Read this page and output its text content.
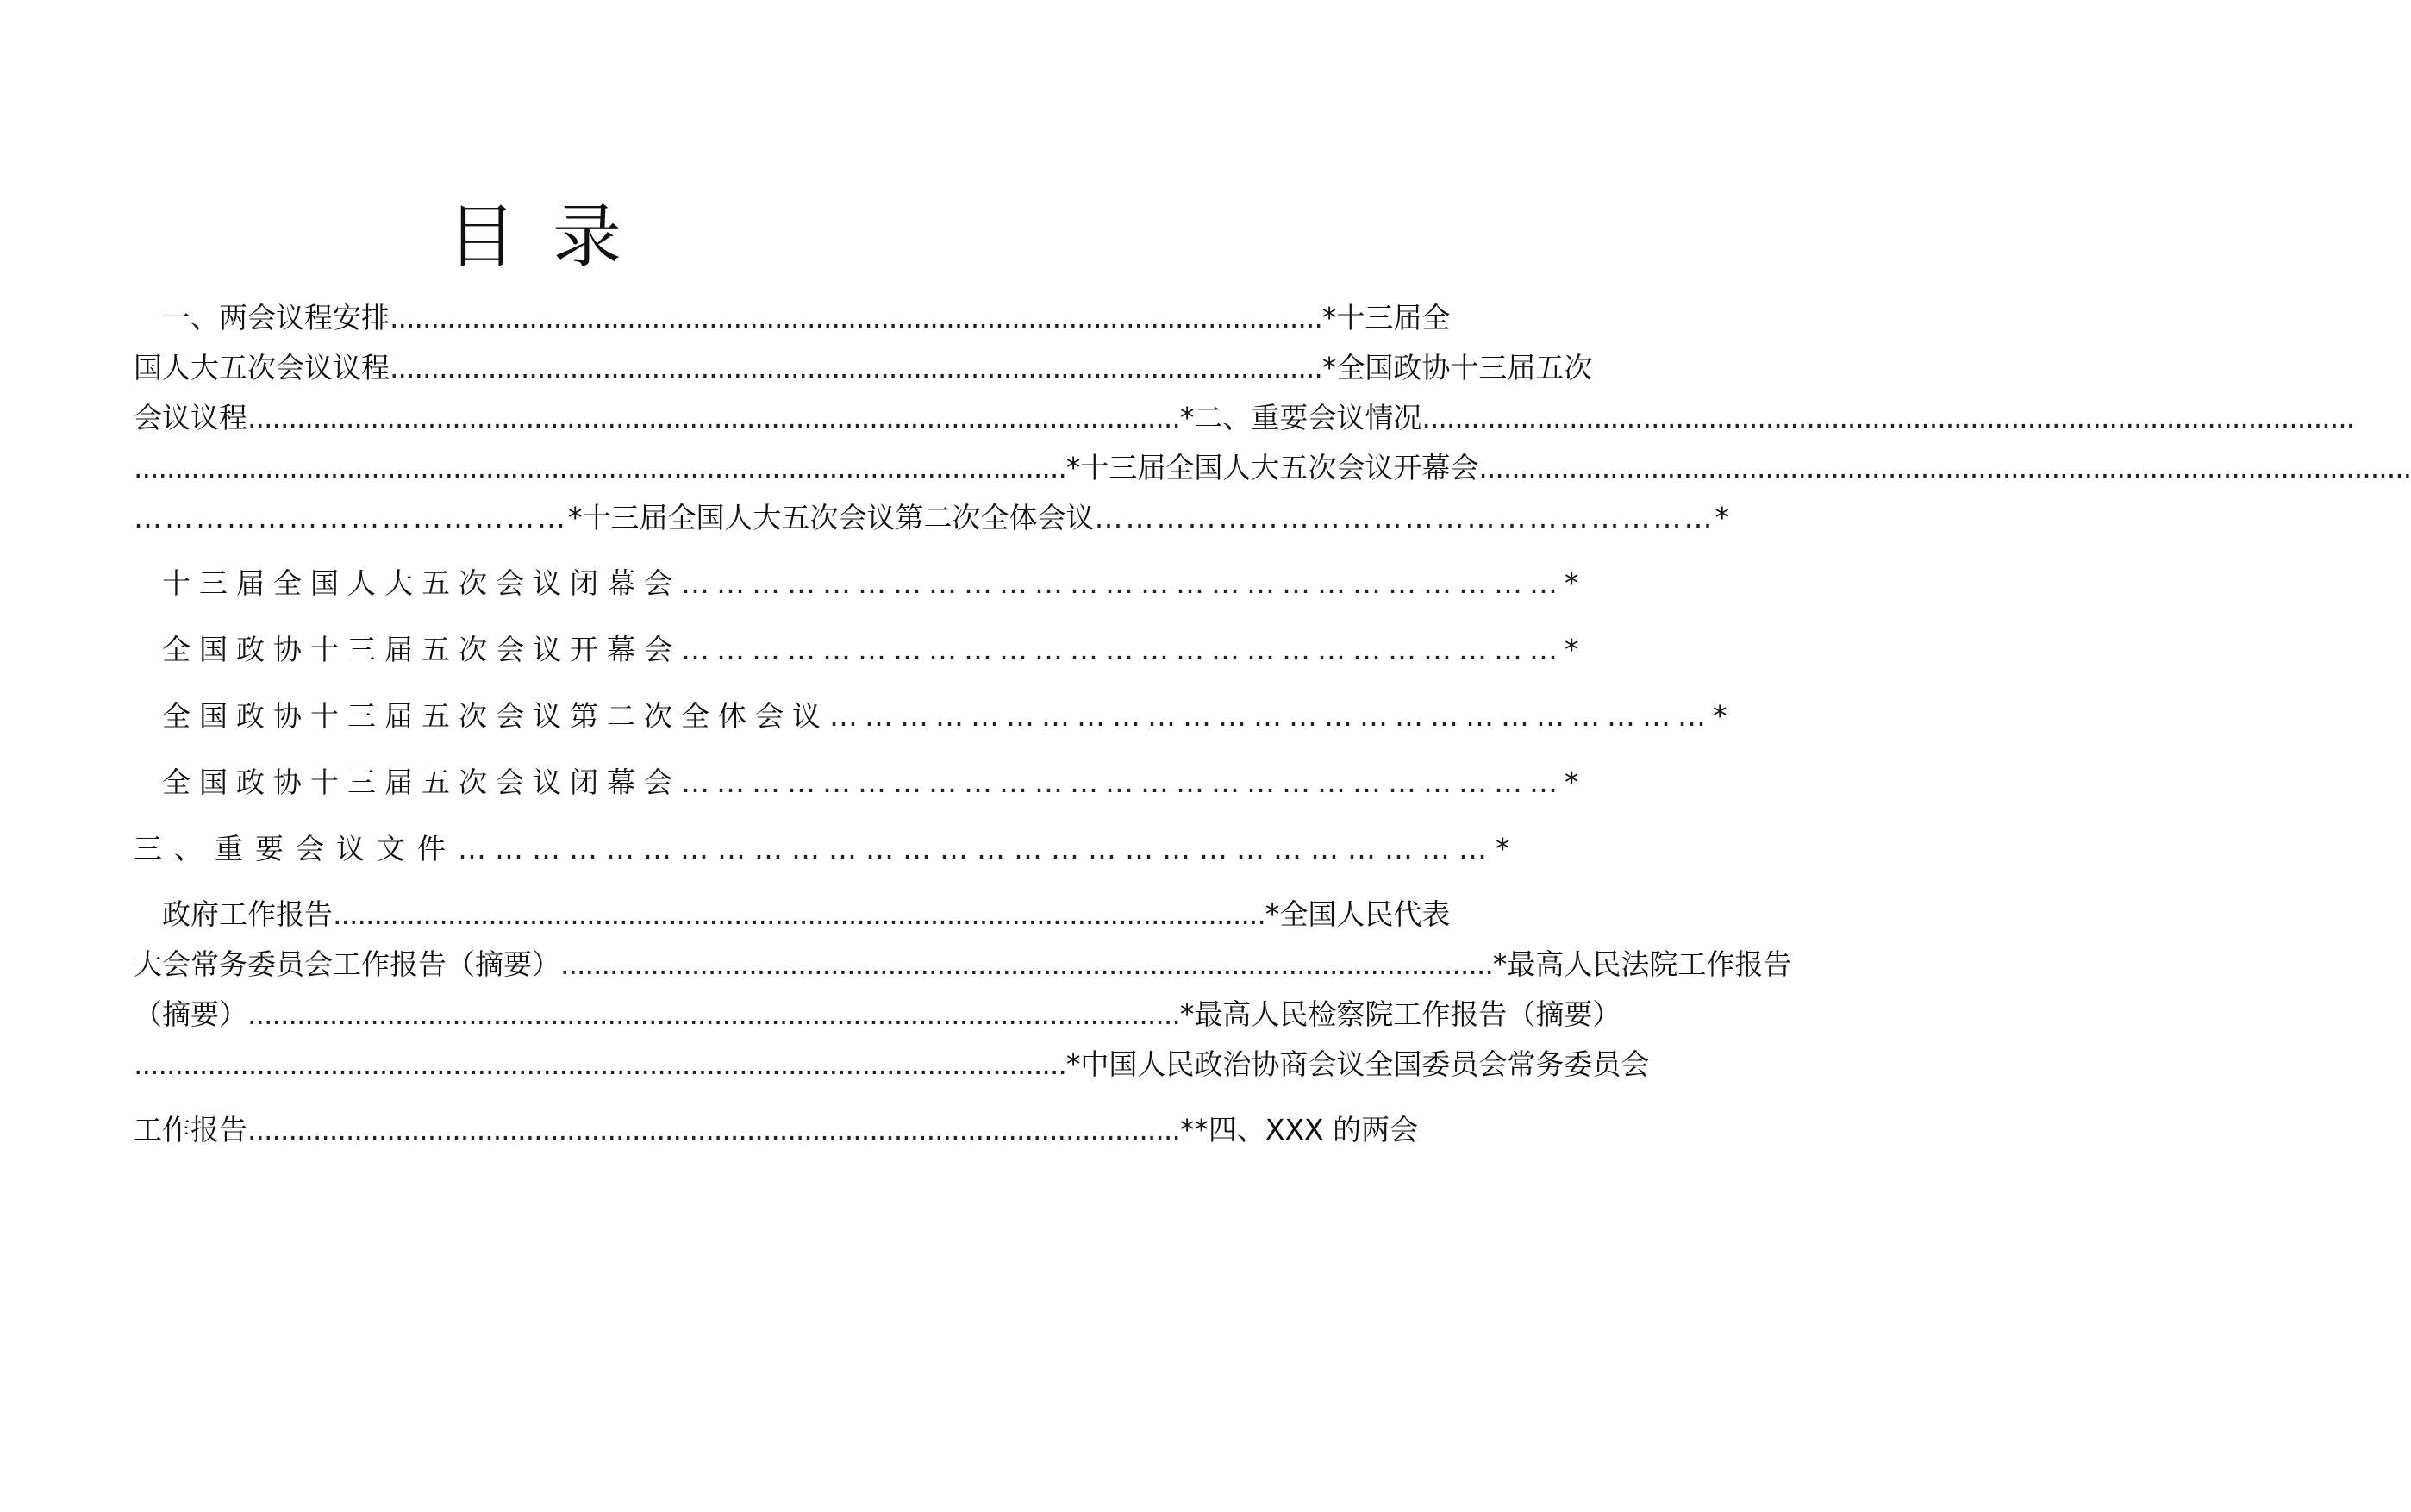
目录
一、两会议程安排 .................................................................................................................. *十三届全
国人大五次会议议程 .................................................................................................................. *全国政协十三届五次
会议议程 .................................................................................................................. *二、重要会议情况 ..................................................................................................................
.................................................................................................................. *十三届全国人大五次会议开幕会 ..................................................................................................................
…………………………………… *十三届全国人大五次会议第二次全体会议 …………………………………………………… *
十三届全国人大五次会议闭幕会 ………………………………………………………………… *
全国政协十三届五次会议开幕会 ………………………………………………………………… *
全国政协十三届五次会议第二次全体会议 ………………………………………………………………… *
全国政协十三届五次会议闭幕会 ………………………………………………………………… *
三、重要会议文件 ………………………………………………………………………… *
政府工作报告 .................................................................................................................. *全国人民代表
大会常务委员会工作报告（摘要） .................................................................................................................. *最高人民法院工作报告
（摘要） .................................................................................................................. *最高人民检察院工作报告（摘要）
.................................................................................................................. *中国人民政治协商会议全国委员会常务委员会
工作报告 .................................................................................................................. **四、XXX 的两会
